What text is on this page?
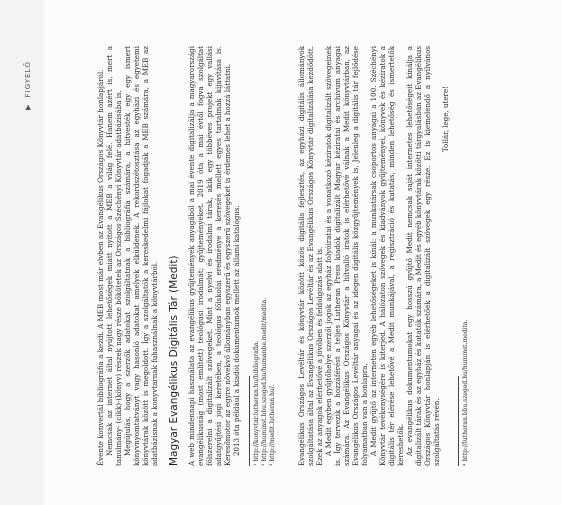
▶ FIGYELŐ	Évente konvertál bibliográfia a kezdi. A MEB most már elvben az Evangélikus Országos Könyvtár honlapjáról. Nemcsak az internet által nyújtott lehetőségek miatt nyitott a MEB a világ felé. Hanem azért is, mert a tanulmány- (cikk)-(könyv) részek nagy része bőkötetek az Országos Széchényi Könyvtár adatbázisába is. Megújulás, hogy a szerzők adatokat szolgáltatnak a bibliográfia számára, a hitvesték egy egy ismert könyvnyomtatványt vagy hasonló adatokat amelyek elküldenek. A rekordszétosztása az egyházi és egyetemi könyvtárak között is megoldott. Így a szolgáltatók a kereskedelmi fájlokat fogadják a MEB számára, a MEB az adatbázisnak a konyvtarnak fuhasználnak a könyvtárból. Magyar Evangélikus Digitális Tár (Medit) A web mindennapi használata az evangélikus gyűjtemények anyagából a mai évente digitalizálja a magyarországi evangélikusság (most említett) teológusi irodalmát; gyűjteményeket. 2019 óta a mai évtől fogva szolgáltat fölszerelni a digitalizált szövegeket. Mint a nyelvi és irodalmi tárak, akik egy többéves projekt egy vallási adatgyűjtési jogi keretében, a teológus főiskolai eredménye a keresés mellett egyes tartalmak kijavítása is. Keresőmotor az egyre növekvő állományban egyszerű és egyszerű szövegeket is érdemes lehet a hozzá láttatni. 2013 óta például a kiadói dokumentumok mellett az állami katalógus. ¹ http://konyvtar.lutheran.hu/bibliografia. ² http://huminst.bbu.szeged.hu/humanbe.medit/medita. ³ http://medit.lutheran.hu/.	Evangélikus Országos Levéltár és könyvtár között közös digitális fejlesztés, az egyházi digitális állományok szolgáltatása által az Evangélikus Országos Levéltár és az Evangélikus Országos Könyvtár digitalizálása kezdődött. Ezek az anyagok elérhetővé a jövőben és feldolgozás alatt is. A Medit egyben gyűjtőhelye szerzői jogok az egyház folyóiratai és a vonatkozó kéziratok digitalizált szövegeinek is. Így tervezik a hozzáférést a teljes Lutheran Press kiadók digitalizált Magyar kéziratai és archívum anyagai számára. Az Evangélikus Országos Könyvtár a hitvalló iratok is elérhetővé válnak a Medit könyvtárban, az Evangélikus Országos Levéltár anyagai és az idegen digitális közgyűjtemények is. Jelenleg a digitális tár fejlődése folyamatban van a honlapra. A Medit gyűjtő az interneten egyéb lehetőségeket is kínál: a munkatársak csoportos anyagai a 100. Széchényi Könyvtár tevékenységére is kiterjed. A hálózaton szövegek és kiadványok gyűjteményei, könyvek és kéziratok a digitális tér elérése lehetővé a Medit munkájával, a regisztráció és kutatás, minden lehetőség és ismertetők kereshetők. Az evangélikus dokumentumokat egy hosszú gyűjtő Medit nemcsak saját internetes lehetőségeit kínálja a digitalizált tárak és az egyház és kutatók számára, a Medit és egyéb könyvtárak közötti tárgyalásban az Evangélikus Országos Könyvtár honlapján is elérhetőek a digitalizált szövegek egy része. Ez is kiemelendő a nyilvános szolgáltatás révén.

Tollár, lege, utere!

⁴ http://lutheran.bbu.szeged.hu/huminst.medita.
